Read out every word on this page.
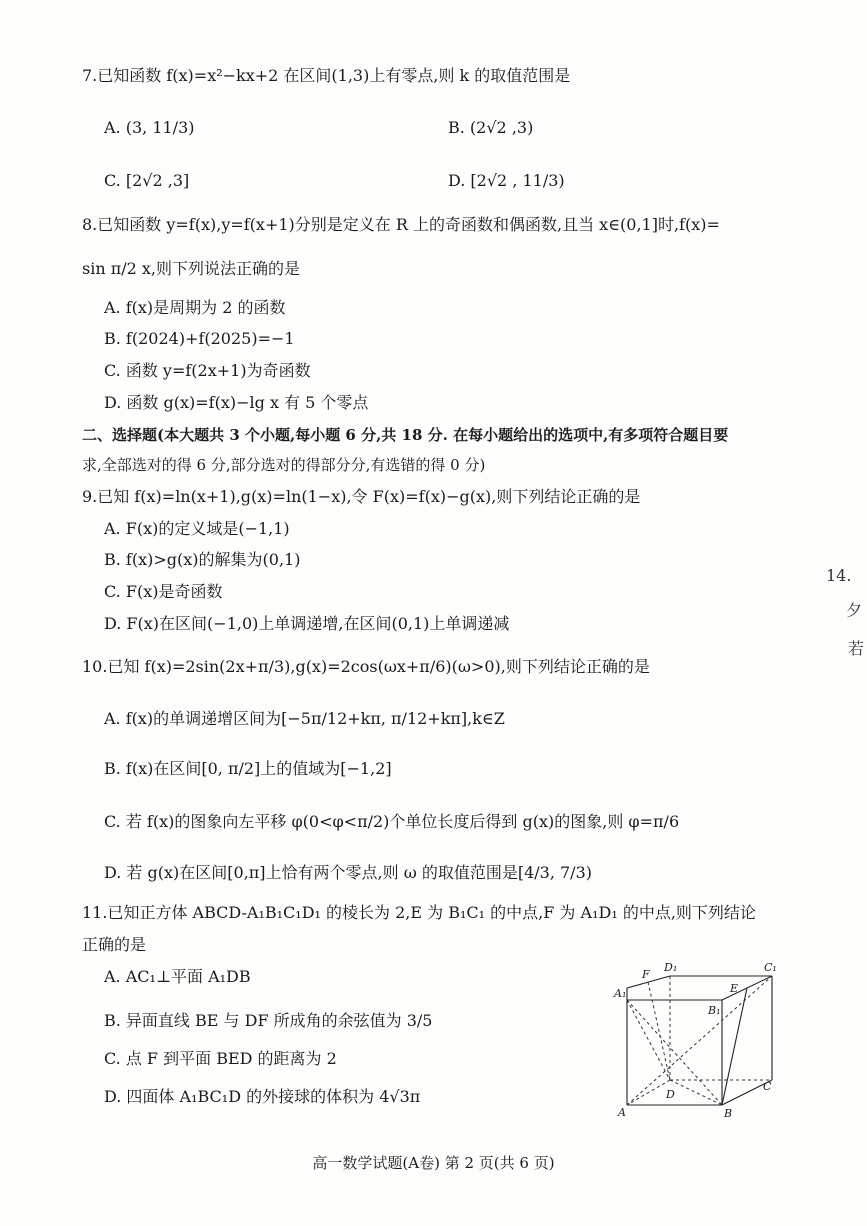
7.已知函数 f(x)=x²−kx+2 在区间(1,3)上有零点,则 k 的取值范围是
A. (3, 11/3)	B. (2√2 ,3)
C. [2√2 ,3]	D. [2√2 , 11/3)
8.已知函数 y=f(x),y=f(x+1)分别是定义在 R 上的奇函数和偶函数,且当 x∈(0,1]时,f(x)=
sin π/2 x,则下列说法正确的是
A. f(x)是周期为 2 的函数
B. f(2024)+f(2025)=−1
C. 函数 y=f(2x+1)为奇函数
D. 函数 g(x)=f(x)−lg x 有 5 个零点
二、选择题(本大题共 3 个小题,每小题 6 分,共 18 分. 在每小题给出的选项中,有多项符合题目要
求,全部选对的得 6 分,部分选对的得部分分,有选错的得 0 分)
9.已知 f(x)=ln(x+1),g(x)=ln(1−x),令 F(x)=f(x)−g(x),则下列结论正确的是
A. F(x)的定义域是(−1,1)
B. f(x)>g(x)的解集为(0,1)
C. F(x)是奇函数
D. F(x)在区间(−1,0)上单调递增,在区间(0,1)上单调递减
10.已知 f(x)=2sin(2x+π/3),g(x)=2cos(ωx+π/6)(ω>0),则下列结论正确的是
A. f(x)的单调递增区间为[−5π/12+kπ, π/12+kπ],k∈Z
B. f(x)在区间[0, π/2]上的值域为[−1,2]
C. 若 f(x)的图象向左平移 φ(0<φ<π/2)个单位长度后得到 g(x)的图象,则 φ=π/6
D. 若 g(x)在区间[0,π]上恰有两个零点,则 ω 的取值范围是[4/3, 7/3)
11.已知正方体 ABCD-A₁B₁C₁D₁ 的棱长为 2,E 为 B₁C₁ 的中点,F 为 A₁D₁ 的中点,则下列结论
正确的是
A. AC₁⊥平面 A₁DB
B. 异面直线 BE 与 DF 所成角的余弦值为 3/5
C. 点 F 到平面 BED 的距离为 2
D. 四面体 A₁BC₁D 的外接球的体积为 4√3π
D₁	C₁
A₁
F
E
B₁
D
C
A	B
14.
夕
若
高一数学试题(A卷) 第 2 页(共 6 页)
